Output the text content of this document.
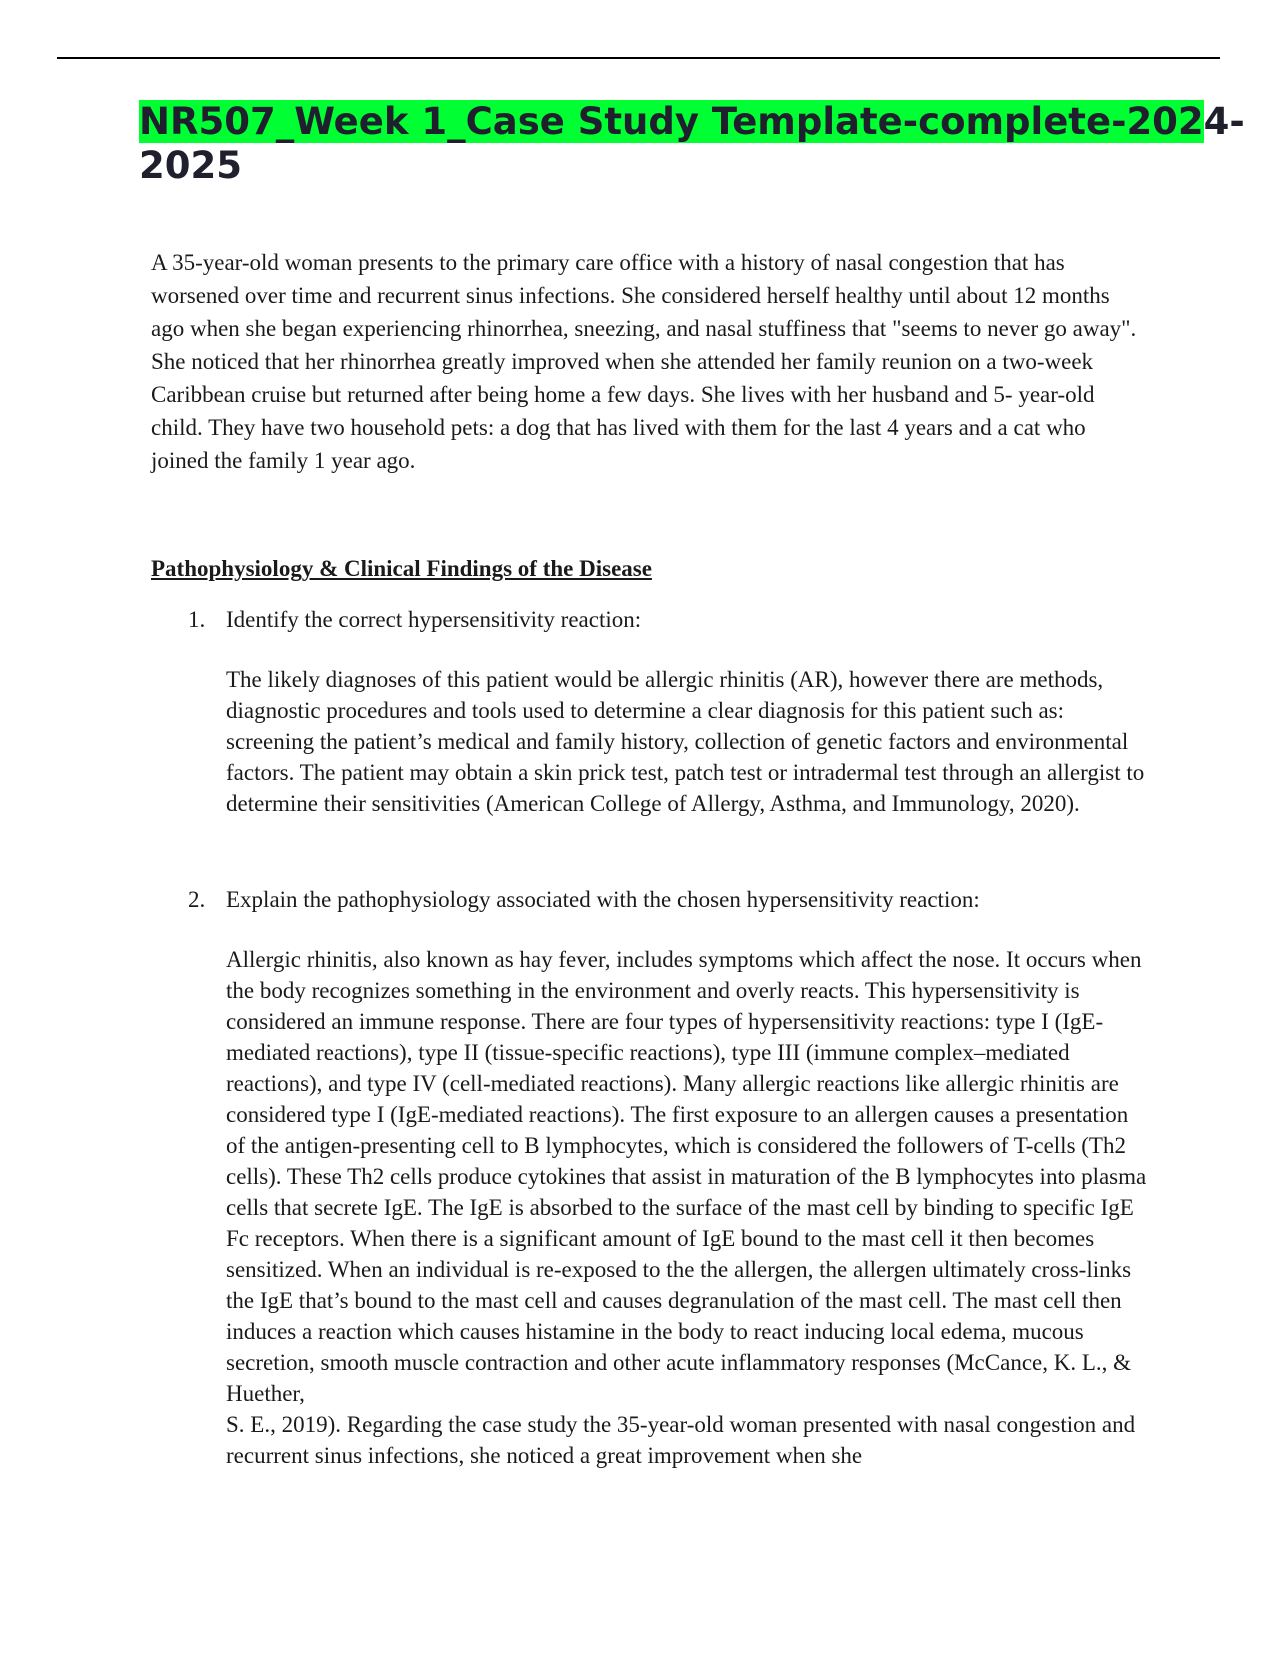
NR507_Week 1_Case Study Template-complete-2024-2025

A 35-year-old woman presents to the primary care office with a history of nasal congestion that has worsened over time and recurrent sinus infections. She considered herself healthy until about 12 months ago when she began experiencing rhinorrhea, sneezing, and nasal stuffiness that "seems to never go away". She noticed that her rhinorrhea greatly improved when she attended her family reunion on a two-week Caribbean cruise but returned after being home a few days. She lives with her husband and 5- year-old child. They have two household pets: a dog that has lived with them for the last 4 years and a cat who joined the family 1 year ago.

Pathophysiology & Clinical Findings of the Disease
1. Identify the correct hypersensitivity reaction:

The likely diagnoses of this patient would be allergic rhinitis (AR), however there are methods, diagnostic procedures and tools used to determine a clear diagnosis for this patient such as: screening the patient’s medical and family history, collection of genetic factors and environmental factors. The patient may obtain a skin prick test, patch test or intradermal test through an allergist to determine their sensitivities (American College of Allergy, Asthma, and Immunology, 2020).

2. Explain the pathophysiology associated with the chosen hypersensitivity reaction:

Allergic rhinitis, also known as hay fever, includes symptoms which affect the nose. It occurs when the body recognizes something in the environment and overly reacts. This hypersensitivity is considered an immune response. There are four types of hypersensitivity reactions: type I (IgE-mediated reactions), type II (tissue-specific reactions), type III (immune complex–mediated reactions), and type IV (cell-mediated reactions). Many allergic reactions like allergic rhinitis are considered type I (IgE-mediated reactions). The first exposure to an allergen causes a presentation of the antigen-presenting cell to B lymphocytes, which is considered the followers of T-cells (Th2 cells). These Th2 cells produce cytokines that assist in maturation of the B lymphocytes into plasma cells that secrete IgE. The IgE is absorbed to the surface of the mast cell by binding to specific IgE Fc receptors. When there is a significant amount of IgE bound to the mast cell it then becomes sensitized. When an individual is re-exposed to the the allergen, the allergen ultimately cross-links the IgE that’s bound to the mast cell and causes degranulation of the mast cell. The mast cell then induces a reaction which causes histamine in the body to react inducing local edema, mucous secretion, smooth muscle contraction and other acute inflammatory responses (McCance, K. L., & Huether,

S. E., 2019). Regarding the case study the 35-year-old woman presented with nasal congestion and recurrent sinus infections, she noticed a great improvement when she
